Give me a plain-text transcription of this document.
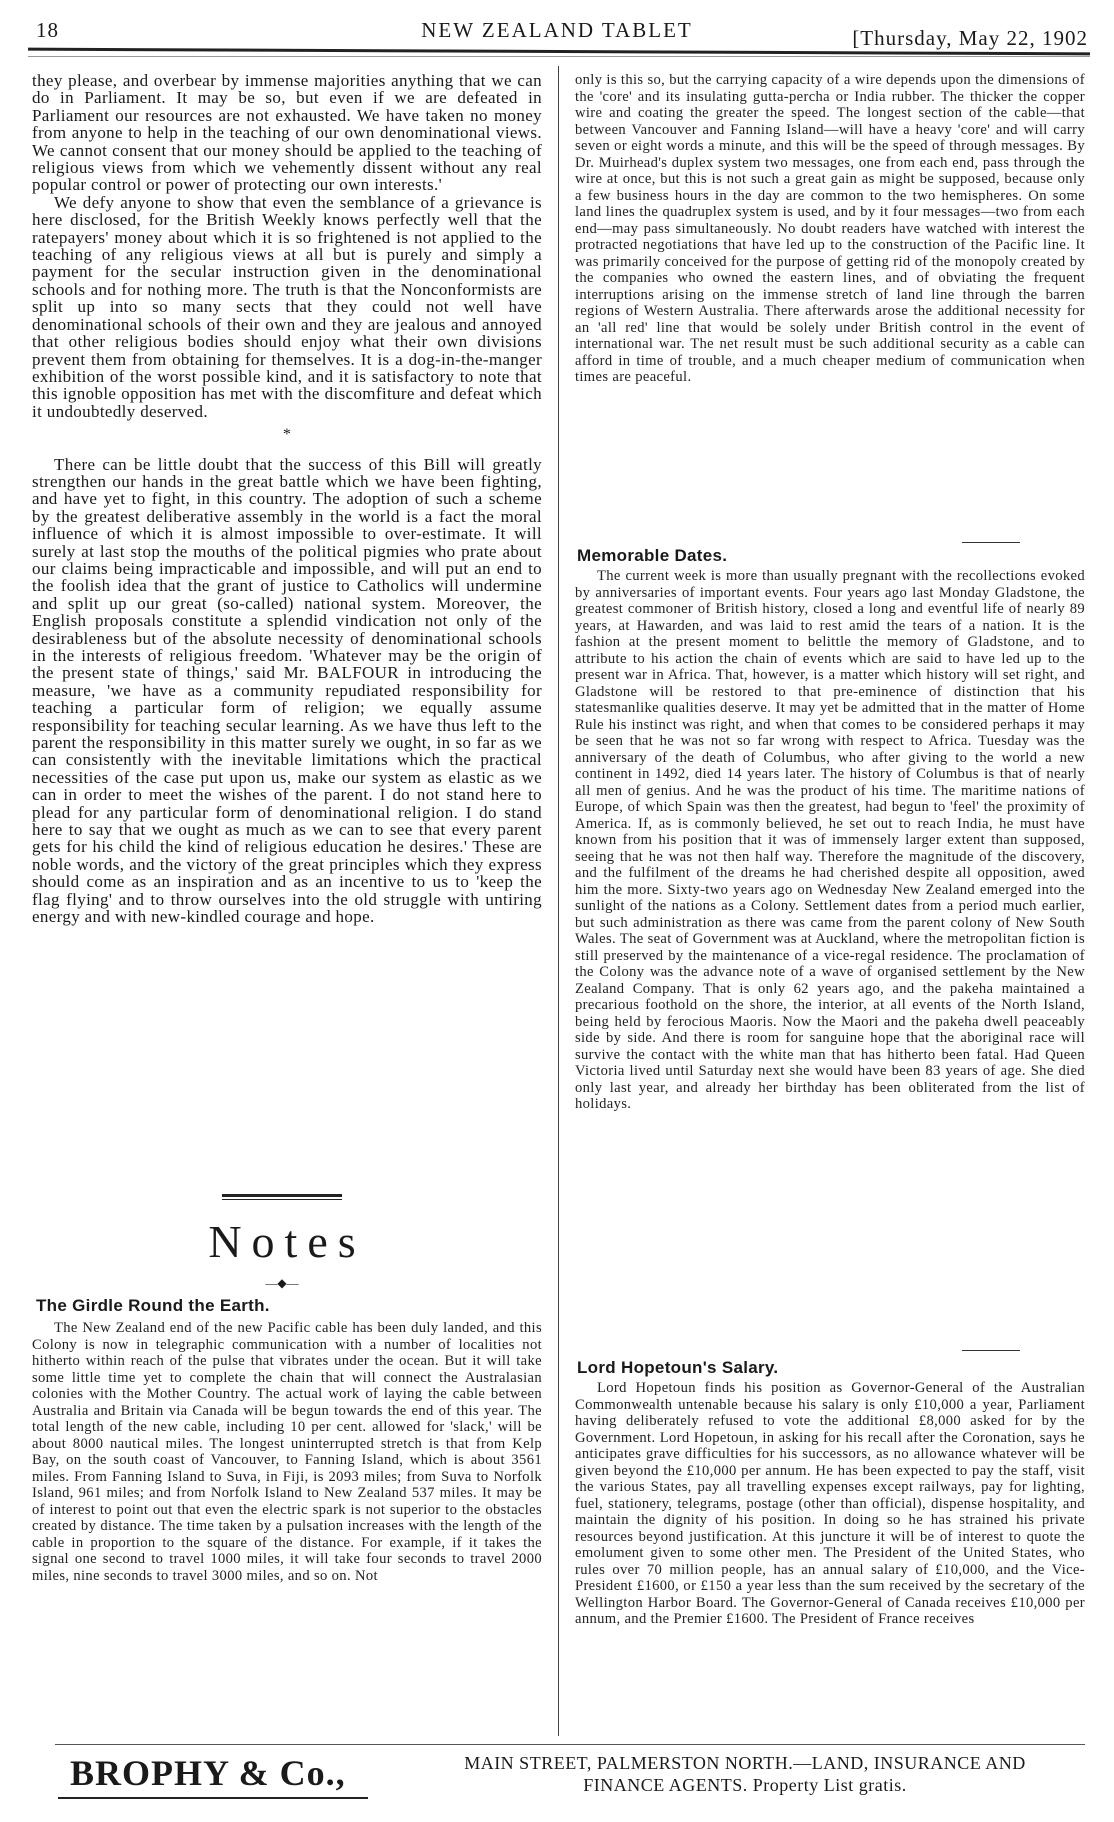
18	NEW ZEALAND TABLET	[Thursday, May 22, 1902

they please, and overbear by immense majorities anything that we can do in Parliament. It may be so, but even if we are defeated in Parliament our resources are not exhausted. We have taken no money from anyone to help in the teaching of our own denominational views. We cannot consent that our money should be applied to the teaching of religious views from which we vehemently dissent without any real popular control or power of protecting our own interests.'

We defy anyone to show that even the semblance of a grievance is here disclosed, for the British Weekly knows perfectly well that the ratepayers' money about which it is so frightened is not applied to the teaching of any religious views at all but is purely and simply a payment for the secular instruction given in the denominational schools and for nothing more. The truth is that the Nonconformists are split up into so many sects that they could not well have denominational schools of their own and they are jealous and annoyed that other religious bodies should enjoy what their own divisions prevent them from obtaining for themselves. It is a dog-in-the-manger exhibition of the worst possible kind, and it is satisfactory to note that this ignoble opposition has met with the discomfiture and defeat which it undoubtedly deserved.

*

There can be little doubt that the success of this Bill will greatly strengthen our hands in the great battle which we have been fighting, and have yet to fight, in this country. The adoption of such a scheme by the greatest deliberative assembly in the world is a fact the moral influence of which it is almost impossible to over-estimate. It will surely at last stop the mouths of the political pigmies who prate about our claims being impracticable and impossible, and will put an end to the foolish idea that the grant of justice to Catholics will undermine and split up our great (so-called) national system. Moreover, the English proposals constitute a splendid vindication not only of the desirableness but of the absolute necessity of denominational schools in the interests of religious freedom. 'Whatever may be the origin of the present state of things,' said Mr. BALFOUR in introducing the measure, 'we have as a community repudiated responsibility for teaching a particular form of religion; we equally assume responsibility for teaching secular learning. As we have thus left to the parent the responsibility in this matter surely we ought, in so far as we can consistently with the inevitable limitations which the practical necessities of the case put upon us, make our system as elastic as we can in order to meet the wishes of the parent. I do not stand here to plead for any particular form of denominational religion. I do stand here to say that we ought as much as we can to see that every parent gets for his child the kind of religious education he desires.' These are noble words, and the victory of the great principles which they express should come as an inspiration and as an incentive to us to 'keep the flag flying' and to throw ourselves into the old struggle with untiring energy and with new-kindled courage and hope.

Notes
—◆—
The Girdle Round the Earth.

The New Zealand end of the new Pacific cable has been duly landed, and this Colony is now in telegraphic communication with a number of localities not hitherto within reach of the pulse that vibrates under the ocean. But it will take some little time yet to complete the chain that will connect the Australasian colonies with the Mother Country. The actual work of laying the cable between Australia and Britain via Canada will be begun towards the end of this year. The total length of the new cable, including 10 per cent. allowed for 'slack,' will be about 8000 nautical miles. The longest uninterrupted stretch is that from Kelp Bay, on the south coast of Vancouver, to Fanning Island, which is about 3561 miles. From Fanning Island to Suva, in Fiji, is 2093 miles; from Suva to Norfolk Island, 961 miles; and from Norfolk Island to New Zealand 537 miles. It may be of interest to point out that even the electric spark is not superior to the obstacles created by distance. The time taken by a pulsation increases with the length of the cable in proportion to the square of the distance. For example, if it takes the signal one second to travel 1000 miles, it will take four seconds to travel 2000 miles, nine seconds to travel 3000 miles, and so on. Not

only is this so, but the carrying capacity of a wire depends upon the dimensions of the 'core' and its insulating gutta-percha or India rubber. The thicker the copper wire and coating the greater the speed. The longest section of the cable—that between Vancouver and Fanning Island—will have a heavy 'core' and will carry seven or eight words a minute, and this will be the speed of through messages. By Dr. Muirhead's duplex system two messages, one from each end, pass through the wire at once, but this is not such a great gain as might be supposed, because only a few business hours in the day are common to the two hemispheres. On some land lines the quadruplex system is used, and by it four messages—two from each end—may pass simultaneously. No doubt readers have watched with interest the protracted negotiations that have led up to the construction of the Pacific line. It was primarily conceived for the purpose of getting rid of the monopoly created by the companies who owned the eastern lines, and of obviating the frequent interruptions arising on the immense stretch of land line through the barren regions of Western Australia. There afterwards arose the additional necessity for an 'all red' line that would be solely under British control in the event of international war. The net result must be such additional security as a cable can afford in time of trouble, and a much cheaper medium of communication when times are peaceful.

Memorable Dates.

The current week is more than usually pregnant with the recollections evoked by anniversaries of important events. Four years ago last Monday Gladstone, the greatest commoner of British history, closed a long and eventful life of nearly 89 years, at Hawarden, and was laid to rest amid the tears of a nation. It is the fashion at the present moment to belittle the memory of Gladstone, and to attribute to his action the chain of events which are said to have led up to the present war in Africa. That, however, is a matter which history will set right, and Gladstone will be restored to that pre-eminence of distinction that his statesmanlike qualities deserve. It may yet be admitted that in the matter of Home Rule his instinct was right, and when that comes to be considered perhaps it may be seen that he was not so far wrong with respect to Africa. Tuesday was the anniversary of the death of Columbus, who after giving to the world a new continent in 1492, died 14 years later. The history of Columbus is that of nearly all men of genius. And he was the product of his time. The maritime nations of Europe, of which Spain was then the greatest, had begun to 'feel' the proximity of America. If, as is commonly believed, he set out to reach India, he must have known from his position that it was of immensely larger extent than supposed, seeing that he was not then half way. Therefore the magnitude of the discovery, and the fulfilment of the dreams he had cherished despite all opposition, awed him the more. Sixty-two years ago on Wednesday New Zealand emerged into the sunlight of the nations as a Colony. Settlement dates from a period much earlier, but such administration as there was came from the parent colony of New South Wales. The seat of Government was at Auckland, where the metropolitan fiction is still preserved by the maintenance of a vice-regal residence. The proclamation of the Colony was the advance note of a wave of organised settlement by the New Zealand Company. That is only 62 years ago, and the pakeha maintained a precarious foothold on the shore, the interior, at all events of the North Island, being held by ferocious Maoris. Now the Maori and the pakeha dwell peaceably side by side. And there is room for sanguine hope that the aboriginal race will survive the contact with the white man that has hitherto been fatal. Had Queen Victoria lived until Saturday next she would have been 83 years of age. She died only last year, and already her birthday has been obliterated from the list of holidays.

Lord Hopetoun's Salary.

Lord Hopetoun finds his position as Governor-General of the Australian Commonwealth untenable because his salary is only £10,000 a year, Parliament having deliberately refused to vote the additional £8,000 asked for by the Government. Lord Hopetoun, in asking for his recall after the Coronation, says he anticipates grave difficulties for his successors, as no allowance whatever will be given beyond the £10,000 per annum. He has been expected to pay the staff, visit the various States, pay all travelling expenses except railways, pay for lighting, fuel, stationery, telegrams, postage (other than official), dispense hospitality, and maintain the dignity of his position. In doing so he has strained his private resources beyond justification. At this juncture it will be of interest to quote the emolument given to some other men. The President of the United States, who rules over 70 million people, has an annual salary of £10,000, and the Vice-President £1600, or £150 a year less than the sum received by the secretary of the Wellington Harbor Board. The Governor-General of Canada receives £10,000 per annum, and the Premier £1600. The President of France receives

BROPHY & Co.,	MAIN STREET, PALMERSTON NORTH.—LAND, INSURANCE AND
FINANCE AGENTS. Property List gratis.
